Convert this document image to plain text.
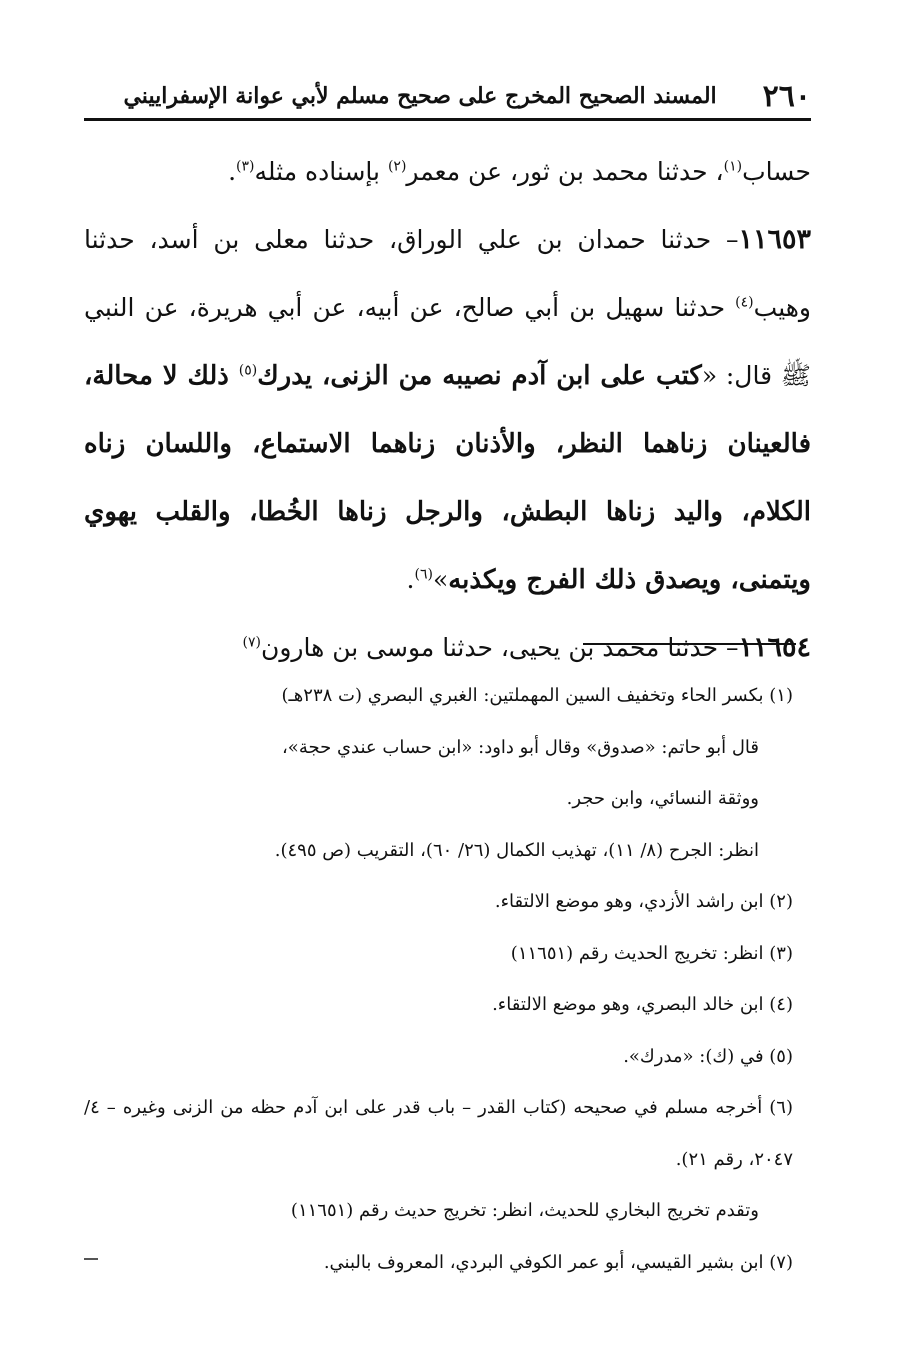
٢٦٠
المسند الصحيح المخرج على صحيح مسلم لأبي عوانة الإسفراييني

حساب$^{(١)}$، حدثنا محمد بن ثور، عن معمر$^{(٢)}$ بإسناده مثله$^{(٣)}$.

١١٦٥٣– حدثنا حمدان بن علي الوراق، حدثنا معلى بن أسد، حدثنا وهيب$^{(٤)}$ حدثنا سهيل بن أبي صالح، عن أبيه، عن أبي هريرة، عن النبي ﷺ قال: «كتب على ابن آدم نصيبه من الزنى، يدرك$^{(٥)}$ ذلك لا محالة، فالعينان زناهما النظر، والأذنان زناهما الاستماع، واللسان زناه الكلام، واليد زناها البطش، والرجل زناها الخُطا، والقلب يهوي ويتمنى، ويصدق ذلك الفرج ويكذبه»$^{(٦)}$.

١١٦٥٤– حدثنا محمد بن يحيى، حدثنا موسى بن هارون$^{(٧)}$

(١) بكسر الحاء وتخفيف السين المهملتين: الغبري البصري (ت ٢٣٨هـ)

قال أبو حاتم: «صدوق» وقال أبو داود: «ابن حساب عندي حجة»،

ووثقة النسائي، وابن حجر.

انظر: الجرح (٨/ ١١)، تهذيب الكمال (٢٦/ ٦٠)، التقريب (ص ٤٩٥).

(٢) ابن راشد الأزدي، وهو موضع الالتقاء.

(٣) انظر: تخريج الحديث رقم (١١٦٥١)

(٤) ابن خالد البصري، وهو موضع الالتقاء.

(٥) في (ك): «مدرك».

(٦) أخرجه مسلم في صحيحه (كتاب القدر – باب قدر على ابن آدم حظه من الزنى وغيره – ٤/ ٢٠٤٧، رقم ٢١).

وتقدم تخريج البخاري للحديث، انظر: تخريج حديث رقم (١١٦٥١)

(٧) ابن بشير القيسي، أبو عمر الكوفي البردي، المعروف بالبني.
